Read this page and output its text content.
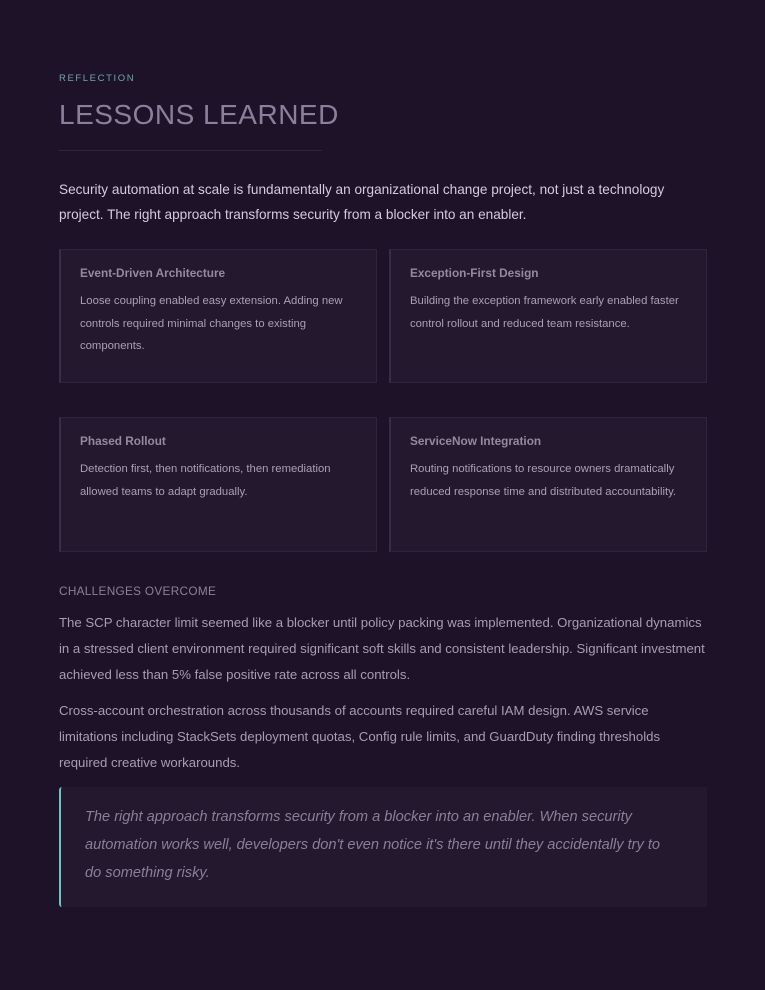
REFLECTION
LESSONS LEARNED

Security automation at scale is fundamentally an organizational change project, not just a technology project. The right approach transforms security from a blocker into an enabler.

Event-Driven Architecture

Loose coupling enabled easy extension. Adding new controls required minimal changes to existing components.

Exception-First Design

Building the exception framework early enabled faster control rollout and reduced team resistance.

Phased Rollout

Detection first, then notifications, then remediation allowed teams to adapt gradually.

ServiceNow Integration

Routing notifications to resource owners dramatically reduced response time and distributed accountability.

CHALLENGES OVERCOME

The SCP character limit seemed like a blocker until policy packing was implemented. Organizational dynamics in a stressed client environment required significant soft skills and consistent leadership. Significant investment achieved less than 5% false positive rate across all controls.

Cross-account orchestration across thousands of accounts required careful IAM design. AWS service limitations including StackSets deployment quotas, Config rule limits, and GuardDuty finding thresholds required creative workarounds.

The right approach transforms security from a blocker into an enabler. When security automation works well, developers don't even notice it's there until they accidentally try to do something risky.
